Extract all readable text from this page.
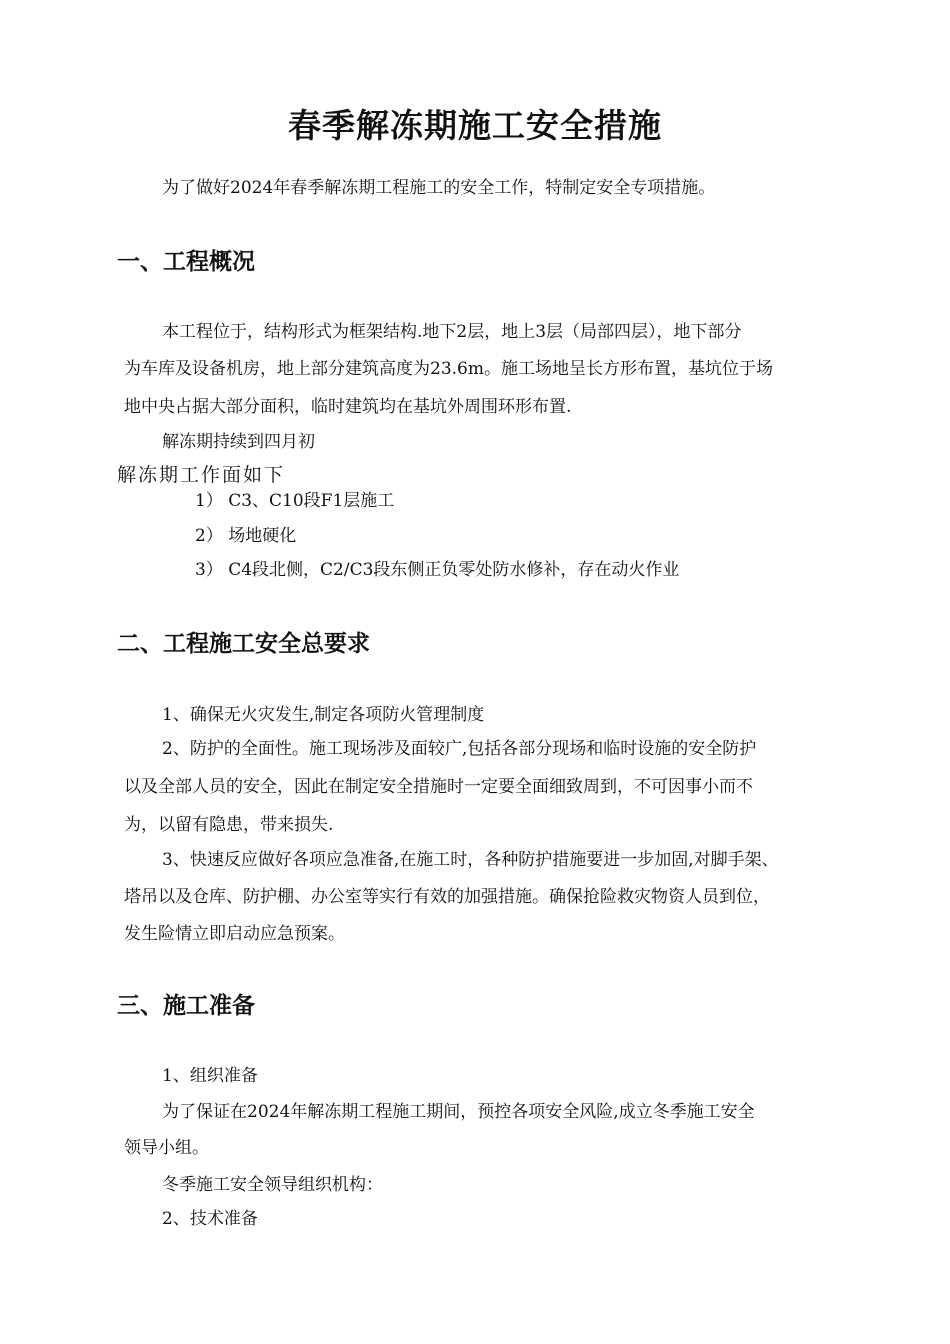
春季解冻期施工安全措施
为了做好2024年春季解冻期工程施工的安全工作，特制定安全专项措施。
一、工程概况
本工程位于，结构形式为框架结构.地下2层，地上3层（局部四层），地下部分
为车库及设备机房，地上部分建筑高度为23.6m。施工场地呈长方形布置，基坑位于场
地中央占据大部分面积，临时建筑均在基坑外周围环形布置.
解冻期持续到四月初
解冻期工作面如下
1） C3、C10段F1层施工
2） 场地硬化
3） C4段北侧，C2/C3段东侧正负零处防水修补，存在动火作业
二、工程施工安全总要求
1、确保无火灾发生,制定各项防火管理制度
2、防护的全面性。施工现场涉及面较广,包括各部分现场和临时设施的安全防护
以及全部人员的安全，因此在制定安全措施时一定要全面细致周到，不可因事小而不
为，以留有隐患，带来损失.
3、快速反应做好各项应急准备,在施工时，各种防护措施要进一步加固,对脚手架、
塔吊以及仓库、防护棚、办公室等实行有效的加强措施。确保抢险救灾物资人员到位，
发生险情立即启动应急预案。
三、施工准备
1、组织准备
为了保证在2024年解冻期工程施工期间，预控各项安全风险,成立冬季施工安全
领导小组。
冬季施工安全领导组织机构：
2、技术准备
